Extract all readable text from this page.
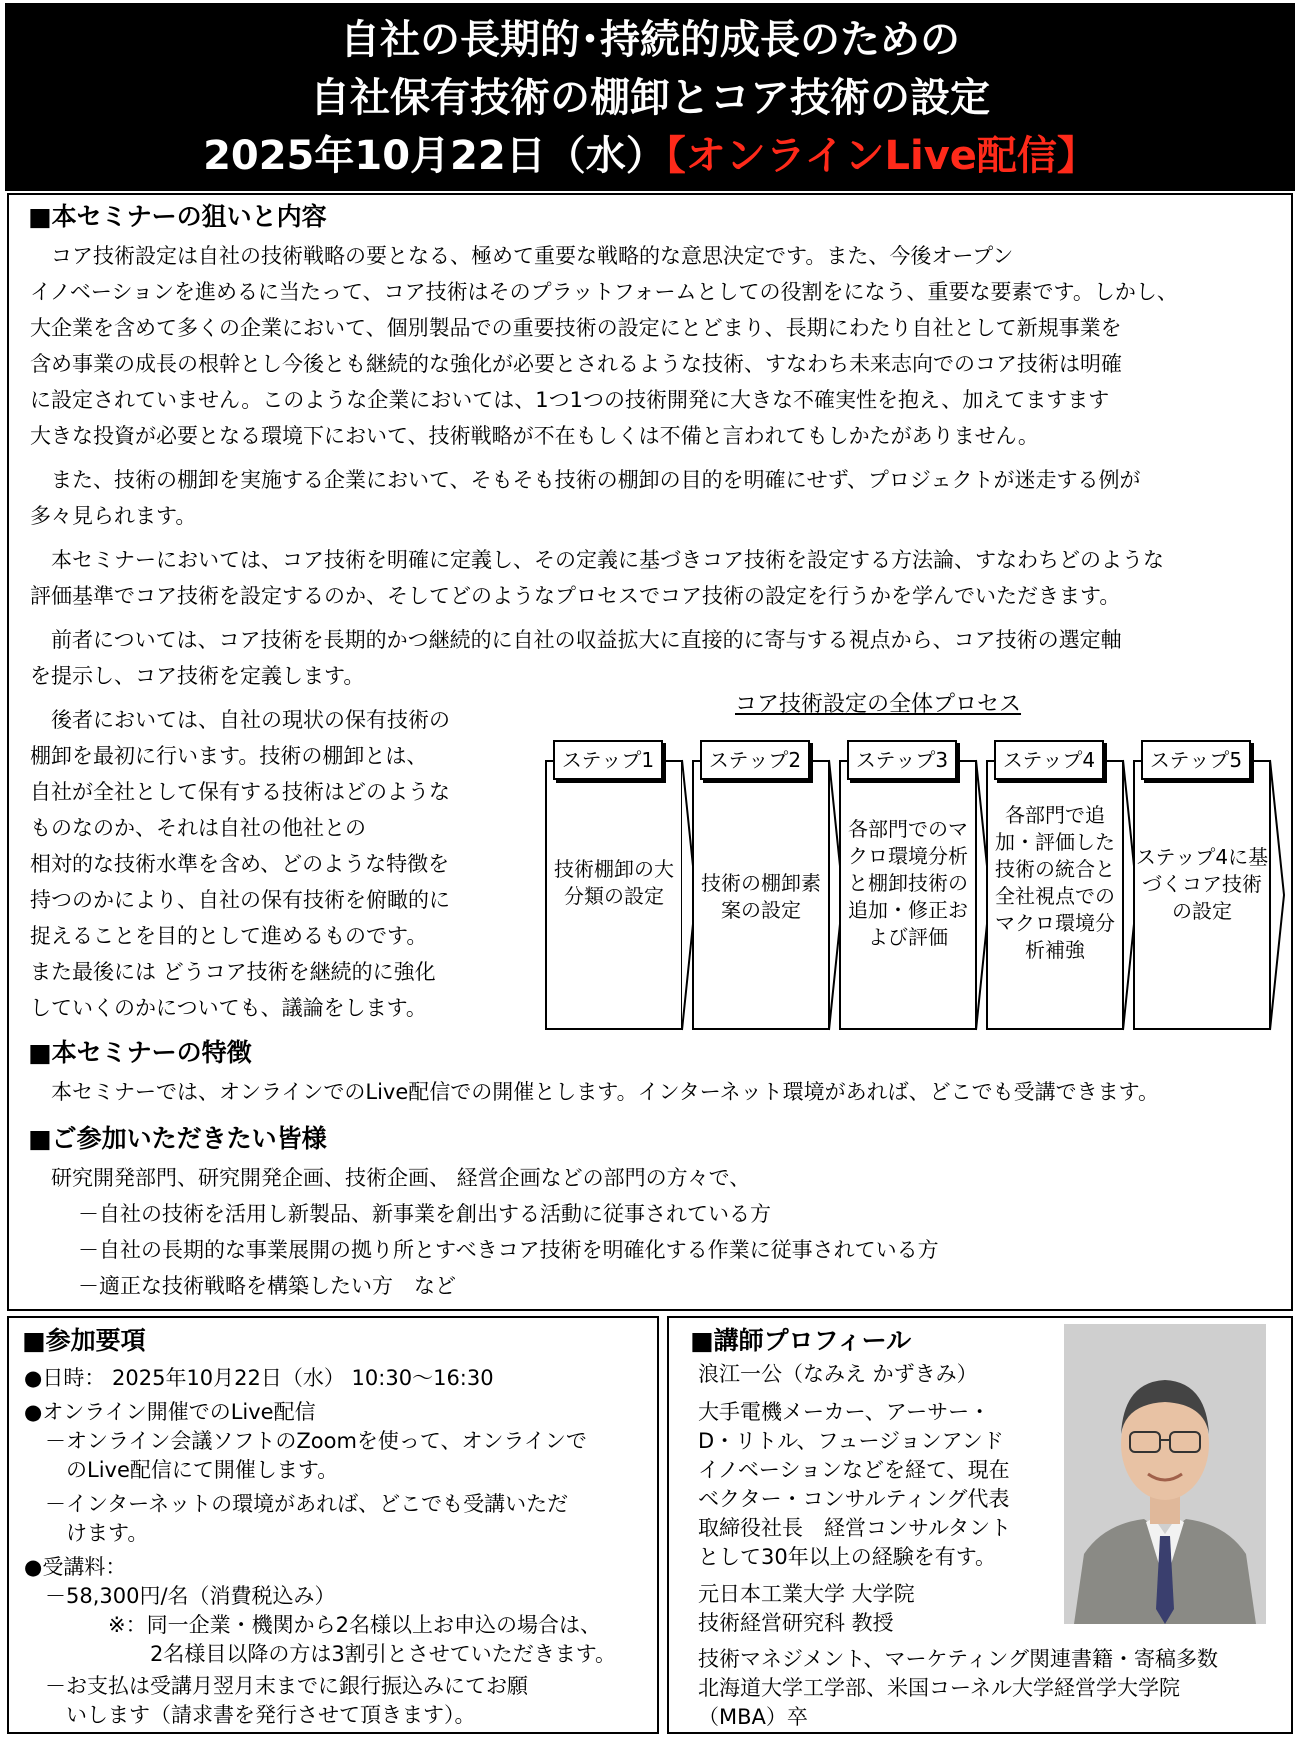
自社の長期的･持続的成長のための
自社保有技術の棚卸とコア技術の設定
2025年10月22日（水）【オンラインLive配信】
■本セミナーの狙いと内容
　コア技術設定は自社の技術戦略の要となる、極めて重要な戦略的な意思決定です。また、今後オープン
イノベーションを進めるに当たって、コア技術はそのプラットフォームとしての役割をになう、重要な要素です。しかし、
大企業を含めて多くの企業において、個別製品での重要技術の設定にとどまり、長期にわたり自社として新規事業を
含め事業の成長の根幹とし今後とも継続的な強化が必要とされるような技術、すなわち未来志向でのコア技術は明確
に設定されていません。このような企業においては、1つ1つの技術開発に大きな不確実性を抱え、加えてますます
大きな投資が必要となる環境下において、技術戦略が不在もしくは不備と言われてもしかたがありません。
　また、技術の棚卸を実施する企業において、そもそも技術の棚卸の目的を明確にせず、プロジェクトが迷走する例が
多々見られます。
　本セミナーにおいては、コア技術を明確に定義し、その定義に基づきコア技術を設定する方法論、すなわちどのような
評価基準でコア技術を設定するのか、そしてどのようなプロセスでコア技術の設定を行うかを学んでいただきます。
　前者については、コア技術を長期的かつ継続的に自社の収益拡大に直接的に寄与する視点から、コア技術の選定軸
を提示し、コア技術を定義します。
　後者においては、自社の現状の保有技術の
棚卸を最初に行います。技術の棚卸とは、
自社が全社として保有する技術はどのような
ものなのか、それは自社の他社との
相対的な技術水準を含め、どのような特徴を
持つのかにより、自社の保有技術を俯瞰的に
捉えることを目的として進めるものです。
また最後には どうコア技術を継続的に強化
していくのかについても、議論をします。
コア技術設定の全体プロセス
ステップ1
技術棚卸の大分類の設定
ステップ2
技術の棚卸素案の設定
ステップ3
各部門でのマクロ環境分析と棚卸技術の追加・修正および評価
ステップ4
各部門で追加・評価した技術の統合と全社視点でのマクロ環境分析補強
ステップ5
ステップ4に基づくコア技術の設定
■本セミナーの特徴
　本セミナーでは、オンラインでのLive配信での開催とします。インターネット環境があれば、どこでも受講できます。
■ご参加いただきたい皆様
　研究開発部門、研究開発企画、技術企画、 経営企画などの部門の方々で、
－自社の技術を活用し新製品、新事業を創出する活動に従事されている方
－自社の長期的な事業展開の拠り所とすべきコア技術を明確化する作業に従事されている方
－適正な技術戦略を構築したい方　など
■参加要項
●日時： 2025年10月22日（水） 10:30～16:30
●オンライン開催でのLive配信
　－オンライン会議ソフトのZoomを使って、オンラインで
　　のLive配信にて開催します。
　－インターネットの環境があれば、どこでも受講いただ
　　けます。
●受講料：
　－58,300円/名（消費税込み）
　　　　※：同一企業・機関から2名様以上お申込の場合は、
　　　　　　2名様目以降の方は3割引とさせていただきます。
　－お支払は受講月翌月末までに銀行振込みにてお願
　　いします（請求書を発行させて頂きます）。
■講師プロフィール
浪江一公（なみえ かずきみ）
大手電機メーカー、アーサー・
D・リトル、フュージョンアンド
イノベーションなどを経て、現在
ベクター・コンサルティング代表
取締役社長　経営コンサルタント
として30年以上の経験を有す。
元日本工業大学 大学院
技術経営研究科 教授
技術マネジメント、マーケティング関連書籍・寄稿多数
北海道大学工学部、米国コーネル大学経営学大学院
（MBA）卒
